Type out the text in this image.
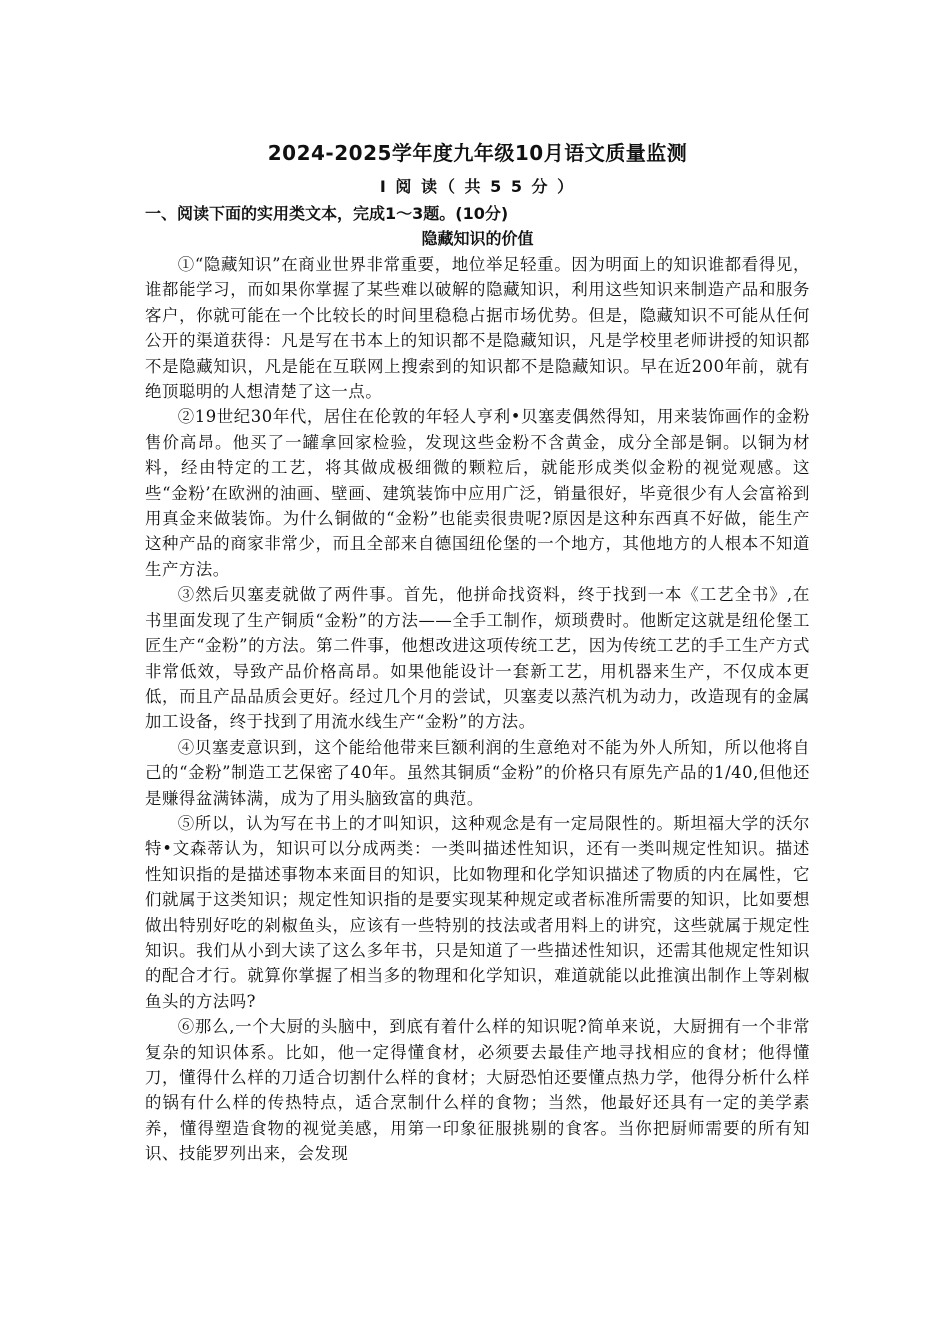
2024-2025学年度九年级10月语文质量监测
Ⅰ 阅 读（ 共 5 5 分 ）
一、阅读下面的实用类文本，完成1～3题。(10分)
隐藏知识的价值

①“隐藏知识”在商业世界非常重要，地位举足轻重。因为明面上的知识谁都看得见，谁都能学习，而如果你掌握了某些难以破解的隐藏知识，利用这些知识来制造产品和服务客户，你就可能在一个比较长的时间里稳稳占据市场优势。但是，隐藏知识不可能从任何公开的渠道获得：凡是写在书本上的知识都不是隐藏知识，凡是学校里老师讲授的知识都不是隐藏知识，凡是能在互联网上搜索到的知识都不是隐藏知识。早在近200年前，就有绝顶聪明的人想清楚了这一点。

②19世纪30年代，居住在伦敦的年轻人亨利•贝塞麦偶然得知，用来装饰画作的金粉售价高昂。他买了一罐拿回家检验，发现这些金粉不含黄金，成分全部是铜。以铜为材料，经由特定的工艺，将其做成极细微的颗粒后，就能形成类似金粉的视觉观感。这些“金粉’在欧洲的油画、壁画、建筑装饰中应用广泛，销量很好，毕竟很少有人会富裕到用真金来做装饰。为什么铜做的“金粉”也能卖很贵呢?原因是这种东西真不好做，能生产这种产品的商家非常少，而且全部来自德国纽伦堡的一个地方，其他地方的人根本不知道生产方法。

③然后贝塞麦就做了两件事。首先，他拼命找资料，终于找到一本《工艺全书》,在书里面发现了生产铜质“金粉”的方法——全手工制作，烦琐费时。他断定这就是纽伦堡工匠生产“金粉”的方法。第二件事，他想改进这项传统工艺，因为传统工艺的手工生产方式非常低效，导致产品价格高昂。如果他能设计一套新工艺，用机器来生产，不仅成本更低，而且产品品质会更好。经过几个月的尝试，贝塞麦以蒸汽机为动力，改造现有的金属加工设备，终于找到了用流水线生产“金粉”的方法。

④贝塞麦意识到，这个能给他带来巨额利润的生意绝对不能为外人所知，所以他将自己的“金粉”制造工艺保密了40年。虽然其铜质“金粉”的价格只有原先产品的1/40,但他还是赚得盆满钵满，成为了用头脑致富的典范。

⑤所以，认为写在书上的才叫知识，这种观念是有一定局限性的。斯坦福大学的沃尔特•文森蒂认为，知识可以分成两类：一类叫描述性知识，还有一类叫规定性知识。描述性知识指的是描述事物本来面目的知识，比如物理和化学知识描述了物质的内在属性，它们就属于这类知识；规定性知识指的是要实现某种规定或者标准所需要的知识，比如要想做出特别好吃的剁椒鱼头，应该有一些特别的技法或者用料上的讲究，这些就属于规定性知识。我们从小到大读了这么多年书，只是知道了一些描述性知识，还需其他规定性知识的配合才行。就算你掌握了相当多的物理和化学知识，难道就能以此推演出制作上等剁椒鱼头的方法吗?

⑥那么,一个大厨的头脑中，到底有着什么样的知识呢?简单来说，大厨拥有一个非常复杂的知识体系。比如，他一定得懂食材，必须要去最佳产地寻找相应的食材；他得懂刀，懂得什么样的刀适合切割什么样的食材；大厨恐怕还要懂点热力学，他得分析什么样的锅有什么样的传热特点，适合烹制什么样的食物；当然，他最好还具有一定的美学素养，懂得塑造食物的视觉美感，用第一印象征服挑剔的食客。当你把厨师需要的所有知识、技能罗列出来，会发现
